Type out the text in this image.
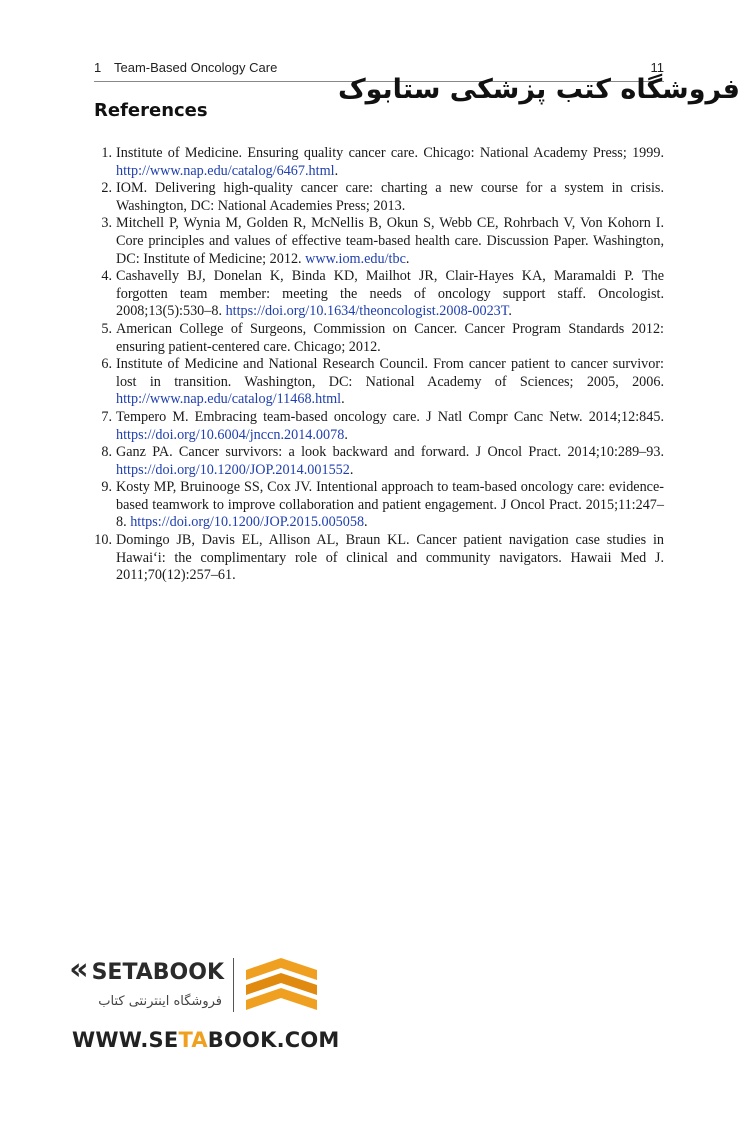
1 Team-Based Oncology Care	11
فروشگاه کتب پزشکی ستابوک
References
1. Institute of Medicine. Ensuring quality cancer care. Chicago: National Academy Press; 1999. http://www.nap.edu/catalog/6467.html.
2. IOM. Delivering high-quality cancer care: charting a new course for a system in crisis. Washington, DC: National Academies Press; 2013.
3. Mitchell P, Wynia M, Golden R, McNellis B, Okun S, Webb CE, Rohrbach V, Von Kohorn I. Core principles and values of effective team-based health care. Discussion Paper. Washington, DC: Institute of Medicine; 2012. www.iom.edu/tbc.
4. Cashavelly BJ, Donelan K, Binda KD, Mailhot JR, Clair-Hayes KA, Maramaldi P. The forgotten team member: meeting the needs of oncology support staff. Oncologist. 2008;13(5):530–8. https://doi.org/10.1634/theoncologist.2008-0023T.
5. American College of Surgeons, Commission on Cancer. Cancer Program Standards 2012: ensuring patient-centered care. Chicago; 2012.
6. Institute of Medicine and National Research Council. From cancer patient to cancer survivor: lost in transition. Washington, DC: National Academy of Sciences; 2005, 2006. http://www.nap.edu/catalog/11468.html.
7. Tempero M. Embracing team-based oncology care. J Natl Compr Canc Netw. 2014;12:845. https://doi.org/10.6004/jnccn.2014.0078.
8. Ganz PA. Cancer survivors: a look backward and forward. J Oncol Pract. 2014;10:289–93. https://doi.org/10.1200/JOP.2014.001552.
9. Kosty MP, Bruinooge SS, Cox JV. Intentional approach to team-based oncology care: evidence-based teamwork to improve collaboration and patient engagement. J Oncol Pract. 2015;11:247–8. https://doi.org/10.1200/JOP.2015.005058.
10. Domingo JB, Davis EL, Allison AL, Braun KL. Cancer patient navigation case studies in Hawai‘i: the complimentary role of clinical and community navigators. Hawaii Med J. 2011;70(12):257–61.
« SETABOOK
فروشگاه اینترنتی کتاب
WWW.SETABOOK.COM
